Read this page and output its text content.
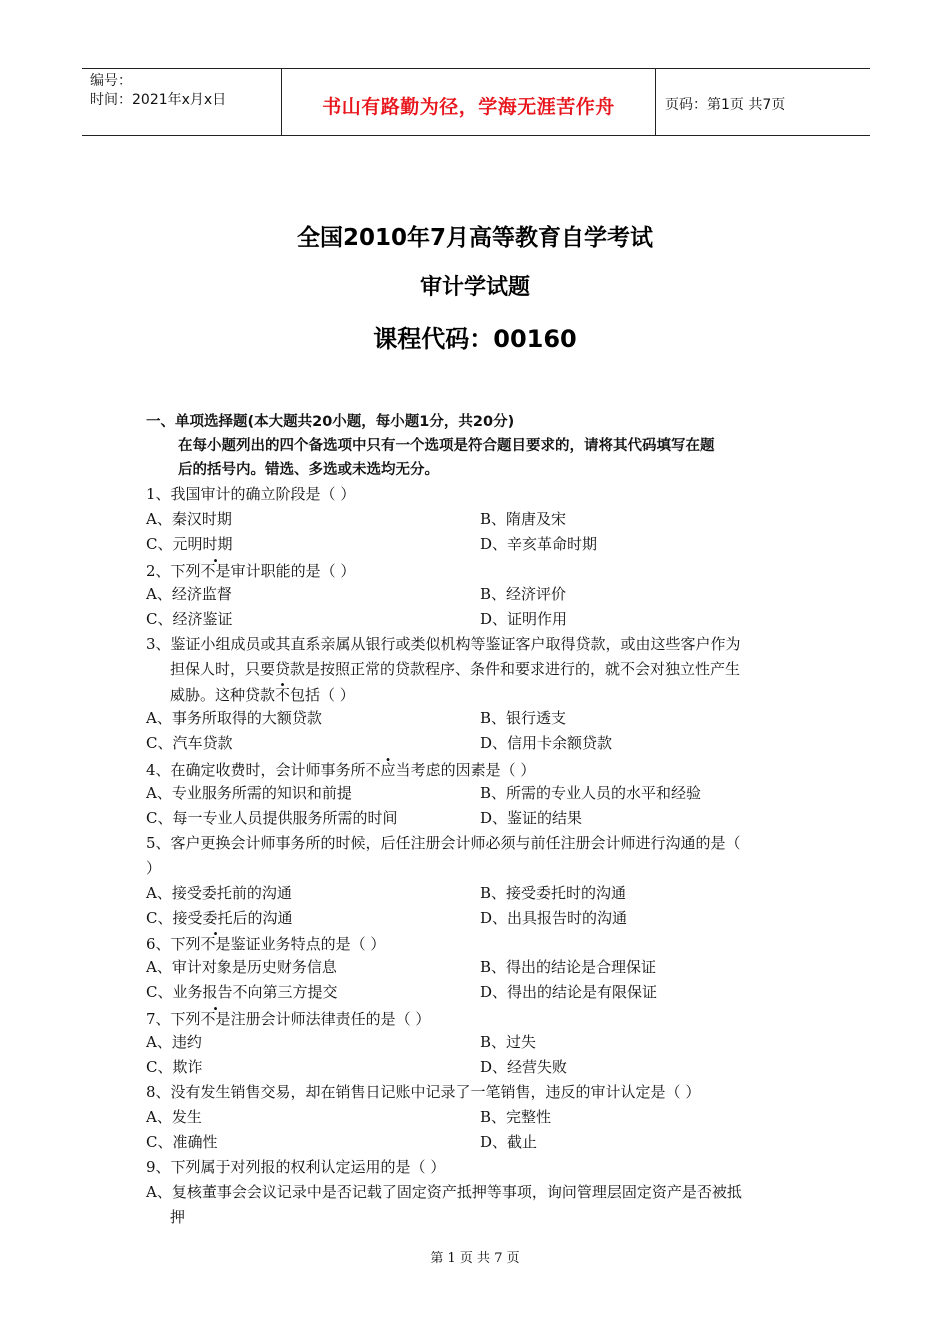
编号：
时间：2021年x月x日	书山有路勤为径，学海无涯苦作舟	页码：第1页 共7页
全国2010年7月高等教育自学考试
审计学试题
课程代码：00160
一、单项选择题(本大题共20小题，每小题1分，共20分)
在每小题列出的四个备选项中只有一个选项是符合题目要求的，请将其代码填写在题
后的括号内。错选、多选或未选均无分。
1、我国审计的确立阶段是（ ）
A、秦汉时期	B、隋唐及宋
C、元明时期	D、辛亥革命时期
2、下列不是审计职能的是（ ）
A、经济监督	B、经济评价
C、经济鉴证	D、证明作用
3、鉴证小组成员或其直系亲属从银行或类似机构等鉴证客户取得贷款，或由这些客户作为
担保人时，只要贷款是按照正常的贷款程序、条件和要求进行的，就不会对独立性产生
威胁。这种贷款不包括（ ）
A、事务所取得的大额贷款	B、银行透支
C、汽车贷款	D、信用卡余额贷款
4、在确定收费时，会计师事务所不应当考虑的因素是（ ）
A、专业服务所需的知识和前提	B、所需的专业人员的水平和经验
C、每一专业人员提供服务所需的时间	D、鉴证的结果
5、客户更换会计师事务所的时候，后任注册会计师必须与前任注册会计师进行沟通的是（
）
A、接受委托前的沟通	B、接受委托时的沟通
C、接受委托后的沟通	D、出具报告时的沟通
6、下列不是鉴证业务特点的是（ ）
A、审计对象是历史财务信息	B、得出的结论是合理保证
C、业务报告不向第三方提交	D、得出的结论是有限保证
7、下列不是注册会计师法律责任的是（ ）
A、违约	B、过失
C、欺诈	D、经营失败
8、没有发生销售交易，却在销售日记账中记录了一笔销售，违反的审计认定是（ ）
A、发生	B、完整性
C、准确性	D、截止
9、下列属于对列报的权利认定运用的是（ ）
A、复核董事会会议记录中是否记载了固定资产抵押等事项，询问管理层固定资产是否被抵
押
第 1 页 共 7 页
